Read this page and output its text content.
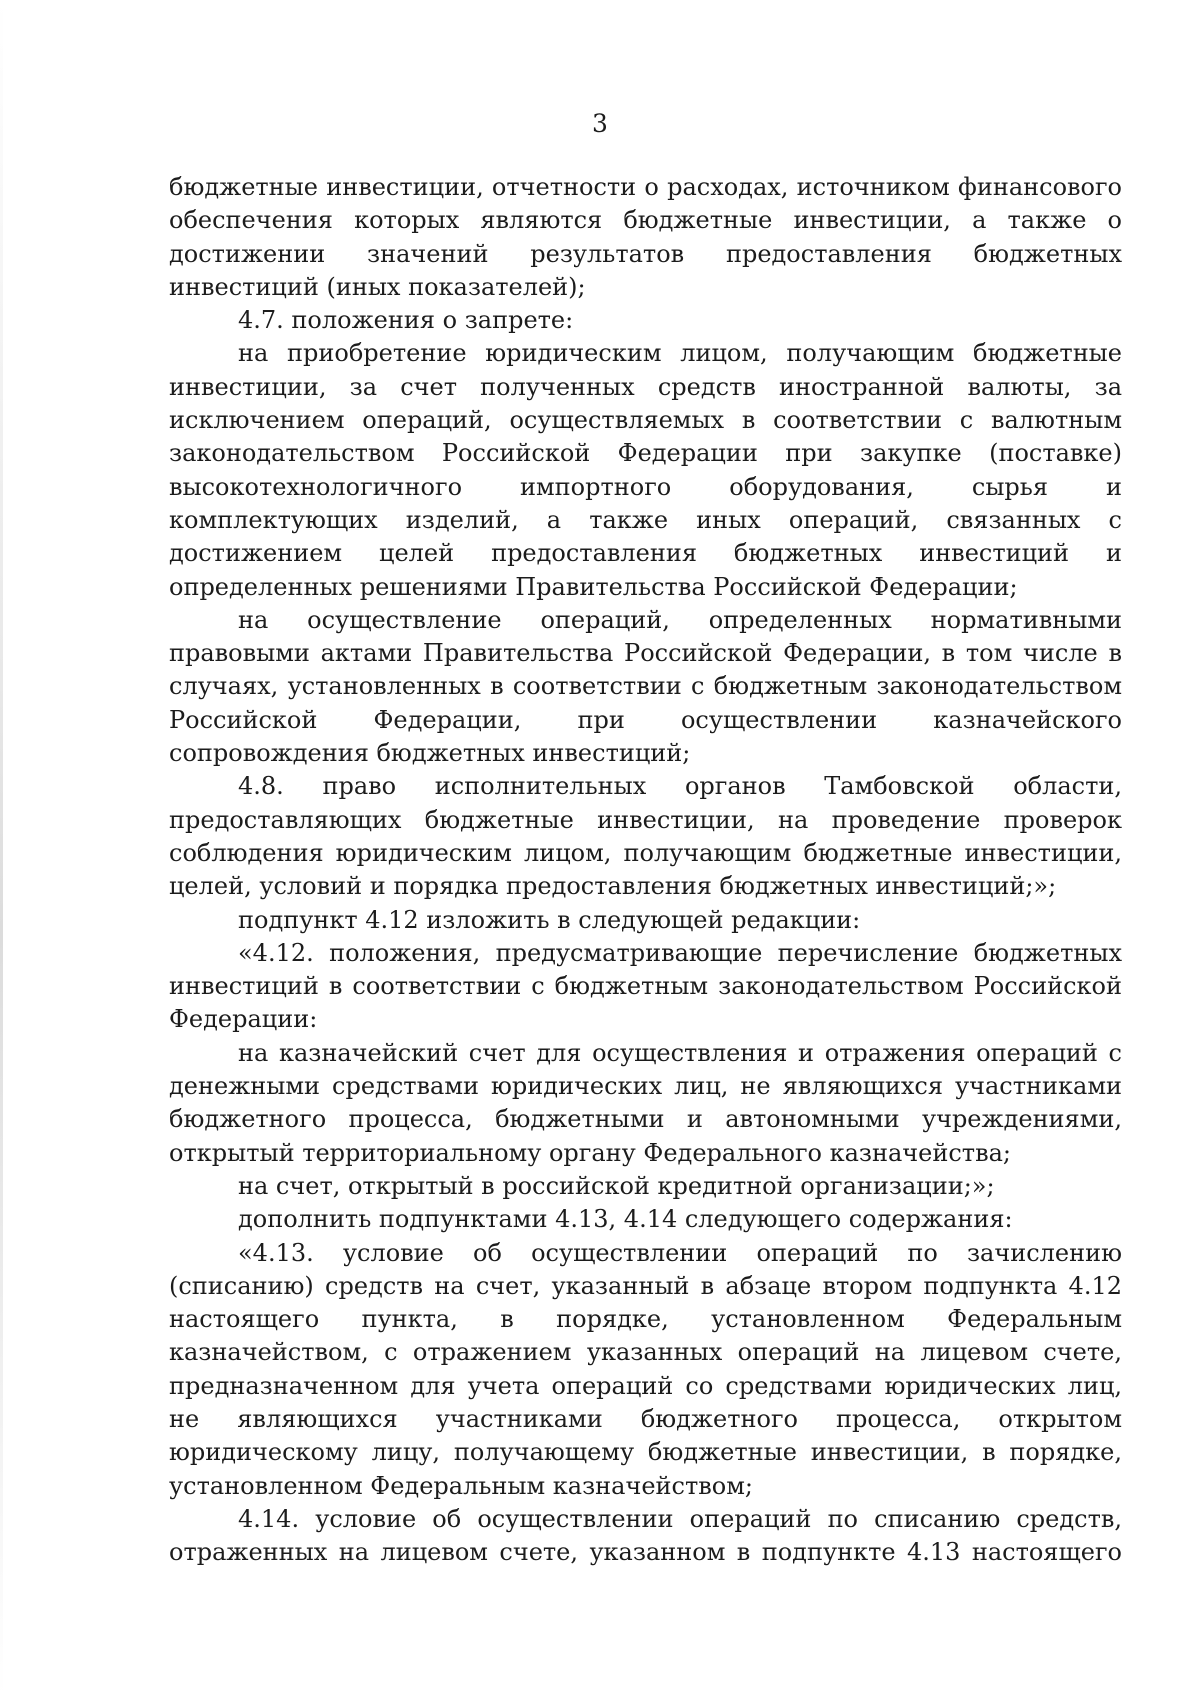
3

бюджетные инвестиции, отчетности о расходах, источником финансового обеспечения которых являются бюджетные инвестиции, а также о достижении значений результатов предоставления бюджетных инвестиций (иных показателей);

4.7. положения о запрете:

на приобретение юридическим лицом, получающим бюджетные инвестиции, за счет полученных средств иностранной валюты, за исключением операций, осуществляемых в соответствии с валютным законодательством Российской Федерации при закупке (поставке) высокотехнологичного импортного оборудования, сырья и комплектующих изделий, а также иных операций, связанных с достижением целей предоставления бюджетных инвестиций и определенных решениями Правительства Российской Федерации;

на осуществление операций, определенных нормативными правовыми актами Правительства Российской Федерации, в том числе в случаях, установленных в соответствии с бюджетным законодательством Российской Федерации, при осуществлении казначейского сопровождения бюджетных инвестиций;

4.8. право исполнительных органов Тамбовской области, предоставляющих бюджетные инвестиции, на проведение проверок соблюдения юридическим лицом, получающим бюджетные инвестиции, целей, условий и порядка предоставления бюджетных инвестиций;»;

подпункт 4.12 изложить в следующей редакции:

«4.12. положения, предусматривающие перечисление бюджетных инвестиций в соответствии с бюджетным законодательством Российской Федерации:

на казначейский счет для осуществления и отражения операций с денежными средствами юридических лиц, не являющихся участниками бюджетного процесса, бюджетными и автономными учреждениями, открытый территориальному органу Федерального казначейства;

на счет, открытый в российской кредитной организации;»;

дополнить подпунктами 4.13, 4.14 следующего содержания:

«4.13. условие об осуществлении операций по зачислению (списанию) средств на счет, указанный в абзаце втором подпункта 4.12 настоящего пункта, в порядке, установленном Федеральным казначейством, с отражением указанных операций на лицевом счете, предназначенном для учета операций со средствами юридических лиц, не являющихся участниками бюджетного процесса, открытом юридическому лицу, получающему бюджетные инвестиции, в порядке, установленном Федеральным казначейством;

4.14. условие об осуществлении операций по списанию средств, отраженных на лицевом счете, указанном в подпункте 4.13 настоящего
